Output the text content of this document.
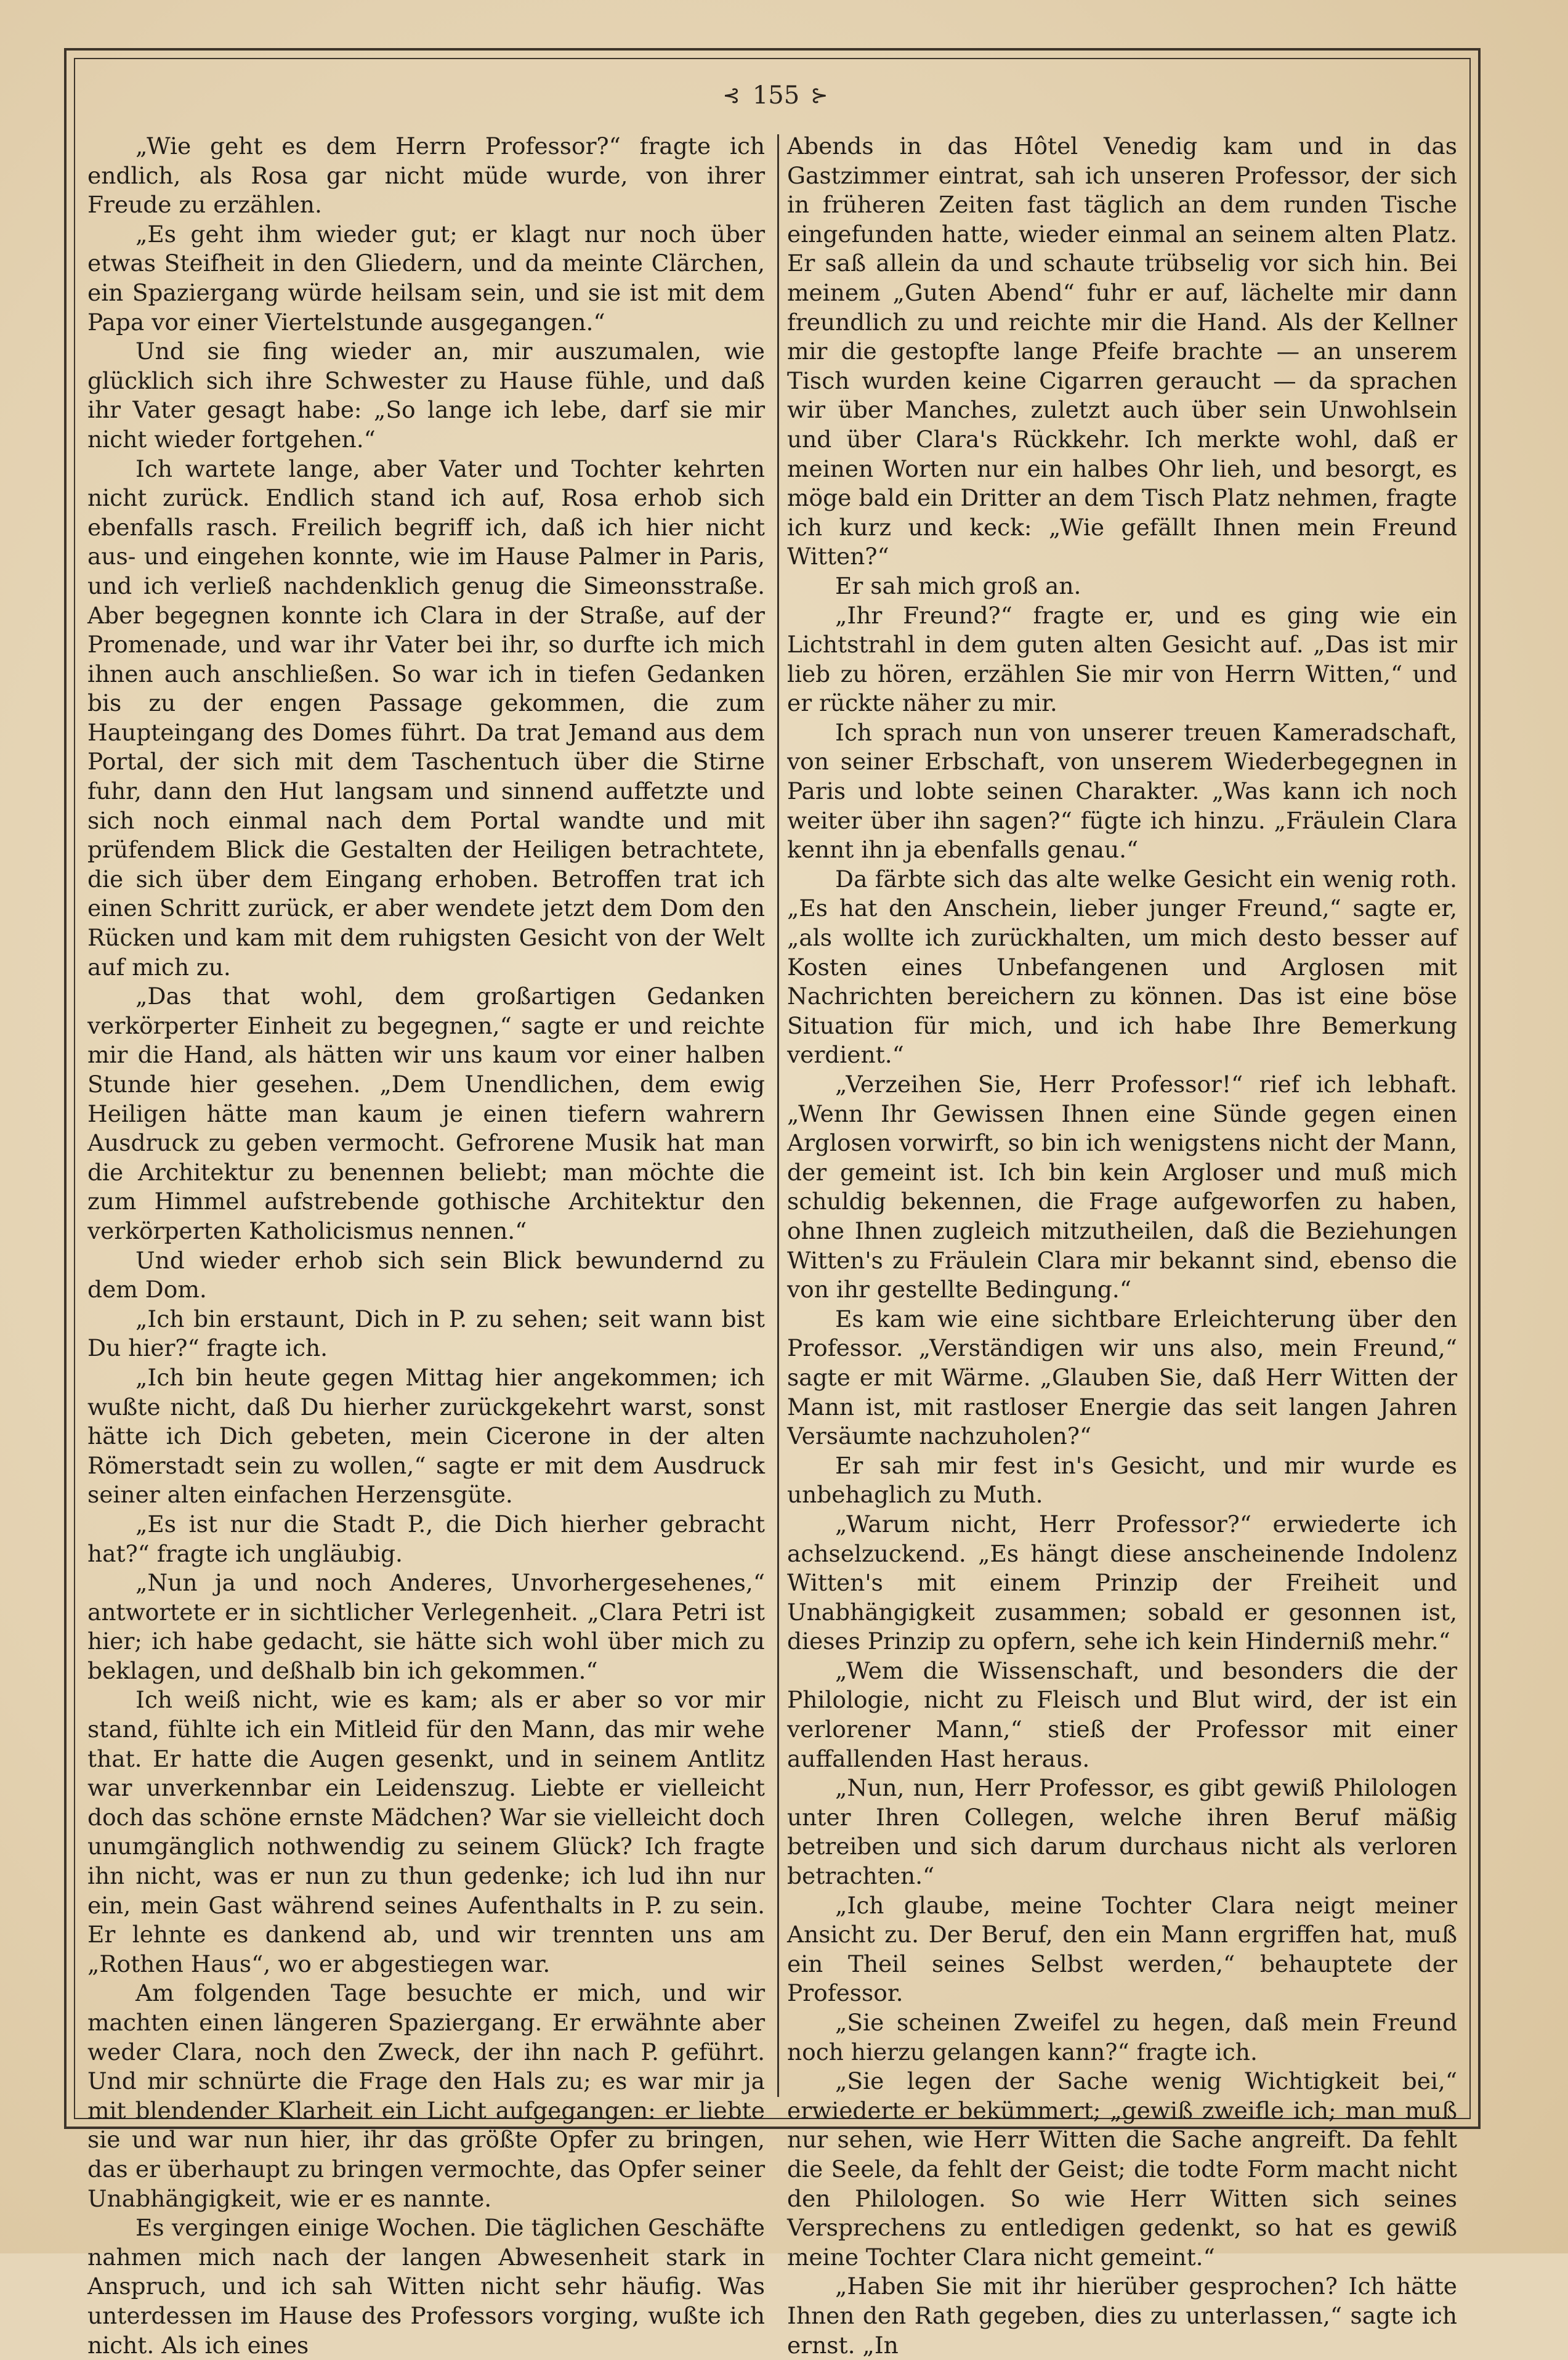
⊰ 155 ⊱

„Wie geht es dem Herrn Professor?“ fragte ich endlich, als Rosa gar nicht müde wurde, von ihrer Freude zu erzählen.

„Es geht ihm wieder gut; er klagt nur noch über etwas Steifheit in den Gliedern, und da meinte Clärchen, ein Spaziergang würde heilsam sein, und sie ist mit dem Papa vor einer Viertelstunde ausgegangen.“

Und sie fing wieder an, mir auszumalen, wie glücklich sich ihre Schwester zu Hause fühle, und daß ihr Vater gesagt habe: „So lange ich lebe, darf sie mir nicht wieder fortgehen.“

Ich wartete lange, aber Vater und Tochter kehrten nicht zurück. Endlich stand ich auf, Rosa erhob sich ebenfalls rasch. Freilich begriff ich, daß ich hier nicht aus- und eingehen konnte, wie im Hause Palmer in Paris, und ich verließ nachdenklich genug die Simeonsstraße. Aber begegnen konnte ich Clara in der Straße, auf der Promenade, und war ihr Vater bei ihr, so durfte ich mich ihnen auch anschließen. So war ich in tiefen Gedanken bis zu der engen Passage gekommen, die zum Haupteingang des Domes führt. Da trat Jemand aus dem Portal, der sich mit dem Taschentuch über die Stirne fuhr, dann den Hut langsam und sinnend auffetzte und sich noch einmal nach dem Portal wandte und mit prüfendem Blick die Gestalten der Heiligen betrachtete, die sich über dem Eingang erhoben. Betroffen trat ich einen Schritt zurück, er aber wendete jetzt dem Dom den Rücken und kam mit dem ruhigsten Gesicht von der Welt auf mich zu.

„Das that wohl, dem großartigen Gedanken verkörperter Einheit zu begegnen,“ sagte er und reichte mir die Hand, als hätten wir uns kaum vor einer halben Stunde hier gesehen. „Dem Unendlichen, dem ewig Heiligen hätte man kaum je einen tiefern wahrern Ausdruck zu geben vermocht. Gefrorene Musik hat man die Architektur zu benennen beliebt; man möchte die zum Himmel aufstrebende gothische Architektur den verkörperten Katholicismus nennen.“

Und wieder erhob sich sein Blick bewundernd zu dem Dom.

„Ich bin erstaunt, Dich in P. zu sehen; seit wann bist Du hier?“ fragte ich.

„Ich bin heute gegen Mittag hier angekommen; ich wußte nicht, daß Du hierher zurückgekehrt warst, sonst hätte ich Dich gebeten, mein Cicerone in der alten Römerstadt sein zu wollen,“ sagte er mit dem Ausdruck seiner alten einfachen Herzensgüte.

„Es ist nur die Stadt P., die Dich hierher gebracht hat?“ fragte ich ungläubig.

„Nun ja und noch Anderes, Unvorhergesehenes,“ antwortete er in sichtlicher Verlegenheit. „Clara Petri ist hier; ich habe gedacht, sie hätte sich wohl über mich zu beklagen, und deßhalb bin ich gekommen.“

Ich weiß nicht, wie es kam; als er aber so vor mir stand, fühlte ich ein Mitleid für den Mann, das mir wehe that. Er hatte die Augen gesenkt, und in seinem Antlitz war unverkennbar ein Leidenszug. Liebte er vielleicht doch das schöne ernste Mädchen? War sie vielleicht doch unumgänglich nothwendig zu seinem Glück? Ich fragte ihn nicht, was er nun zu thun gedenke; ich lud ihn nur ein, mein Gast während seines Aufenthalts in P. zu sein. Er lehnte es dankend ab, und wir trennten uns am „Rothen Haus“, wo er abgestiegen war.

Am folgenden Tage besuchte er mich, und wir machten einen längeren Spaziergang. Er erwähnte aber weder Clara, noch den Zweck, der ihn nach P. geführt. Und mir schnürte die Frage den Hals zu; es war mir ja mit blendender Klarheit ein Licht aufgegangen: er liebte sie und war nun hier, ihr das größte Opfer zu bringen, das er überhaupt zu bringen vermochte, das Opfer seiner Unabhängigkeit, wie er es nannte.

Es vergingen einige Wochen. Die täglichen Geschäfte nahmen mich nach der langen Abwesenheit stark in Anspruch, und ich sah Witten nicht sehr häufig. Was unterdessen im Hause des Professors vorging, wußte ich nicht. Als ich eines

Abends in das Hôtel Venedig kam und in das Gastzimmer eintrat, sah ich unseren Professor, der sich in früheren Zeiten fast täglich an dem runden Tische eingefunden hatte, wieder einmal an seinem alten Platz. Er saß allein da und schaute trübselig vor sich hin. Bei meinem „Guten Abend“ fuhr er auf, lächelte mir dann freundlich zu und reichte mir die Hand. Als der Kellner mir die gestopfte lange Pfeife brachte — an unserem Tisch wurden keine Cigarren geraucht — da sprachen wir über Manches, zuletzt auch über sein Unwohlsein und über Clara's Rückkehr. Ich merkte wohl, daß er meinen Worten nur ein halbes Ohr lieh, und besorgt, es möge bald ein Dritter an dem Tisch Platz nehmen, fragte ich kurz und keck: „Wie gefällt Ihnen mein Freund Witten?“

Er sah mich groß an.

„Ihr Freund?“ fragte er, und es ging wie ein Lichtstrahl in dem guten alten Gesicht auf. „Das ist mir lieb zu hören, erzählen Sie mir von Herrn Witten,“ und er rückte näher zu mir.

Ich sprach nun von unserer treuen Kameradschaft, von seiner Erbschaft, von unserem Wiederbegegnen in Paris und lobte seinen Charakter. „Was kann ich noch weiter über ihn sagen?“ fügte ich hinzu. „Fräulein Clara kennt ihn ja ebenfalls genau.“

Da färbte sich das alte welke Gesicht ein wenig roth. „Es hat den Anschein, lieber junger Freund,“ sagte er, „als wollte ich zurückhalten, um mich desto besser auf Kosten eines Unbefangenen und Arglosen mit Nachrichten bereichern zu können. Das ist eine böse Situation für mich, und ich habe Ihre Bemerkung verdient.“

„Verzeihen Sie, Herr Professor!“ rief ich lebhaft. „Wenn Ihr Gewissen Ihnen eine Sünde gegen einen Arglosen vorwirft, so bin ich wenigstens nicht der Mann, der gemeint ist. Ich bin kein Argloser und muß mich schuldig bekennen, die Frage aufgeworfen zu haben, ohne Ihnen zugleich mitzutheilen, daß die Beziehungen Witten's zu Fräulein Clara mir bekannt sind, ebenso die von ihr gestellte Bedingung.“

Es kam wie eine sichtbare Erleichterung über den Professor. „Verständigen wir uns also, mein Freund,“ sagte er mit Wärme. „Glauben Sie, daß Herr Witten der Mann ist, mit rastloser Energie das seit langen Jahren Versäumte nachzuholen?“

Er sah mir fest in's Gesicht, und mir wurde es unbehaglich zu Muth.

„Warum nicht, Herr Professor?“ erwiederte ich achselzuckend. „Es hängt diese anscheinende Indolenz Witten's mit einem Prinzip der Freiheit und Unabhängigkeit zusammen; sobald er gesonnen ist, dieses Prinzip zu opfern, sehe ich kein Hinderniß mehr.“

„Wem die Wissenschaft, und besonders die der Philologie, nicht zu Fleisch und Blut wird, der ist ein verlorener Mann,“ stieß der Professor mit einer auffallenden Hast heraus.

„Nun, nun, Herr Professor, es gibt gewiß Philologen unter Ihren Collegen, welche ihren Beruf mäßig betreiben und sich darum durchaus nicht als verloren betrachten.“

„Ich glaube, meine Tochter Clara neigt meiner Ansicht zu. Der Beruf, den ein Mann ergriffen hat, muß ein Theil seines Selbst werden,“ behauptete der Professor.

„Sie scheinen Zweifel zu hegen, daß mein Freund noch hierzu gelangen kann?“ fragte ich.

„Sie legen der Sache wenig Wichtigkeit bei,“ erwiederte er bekümmert; „gewiß zweifle ich; man muß nur sehen, wie Herr Witten die Sache angreift. Da fehlt die Seele, da fehlt der Geist; die todte Form macht nicht den Philologen. So wie Herr Witten sich seines Versprechens zu entledigen gedenkt, so hat es gewiß meine Tochter Clara nicht gemeint.“

„Haben Sie mit ihr hierüber gesprochen? Ich hätte Ihnen den Rath gegeben, dies zu unterlassen,“ sagte ich ernst. „In
